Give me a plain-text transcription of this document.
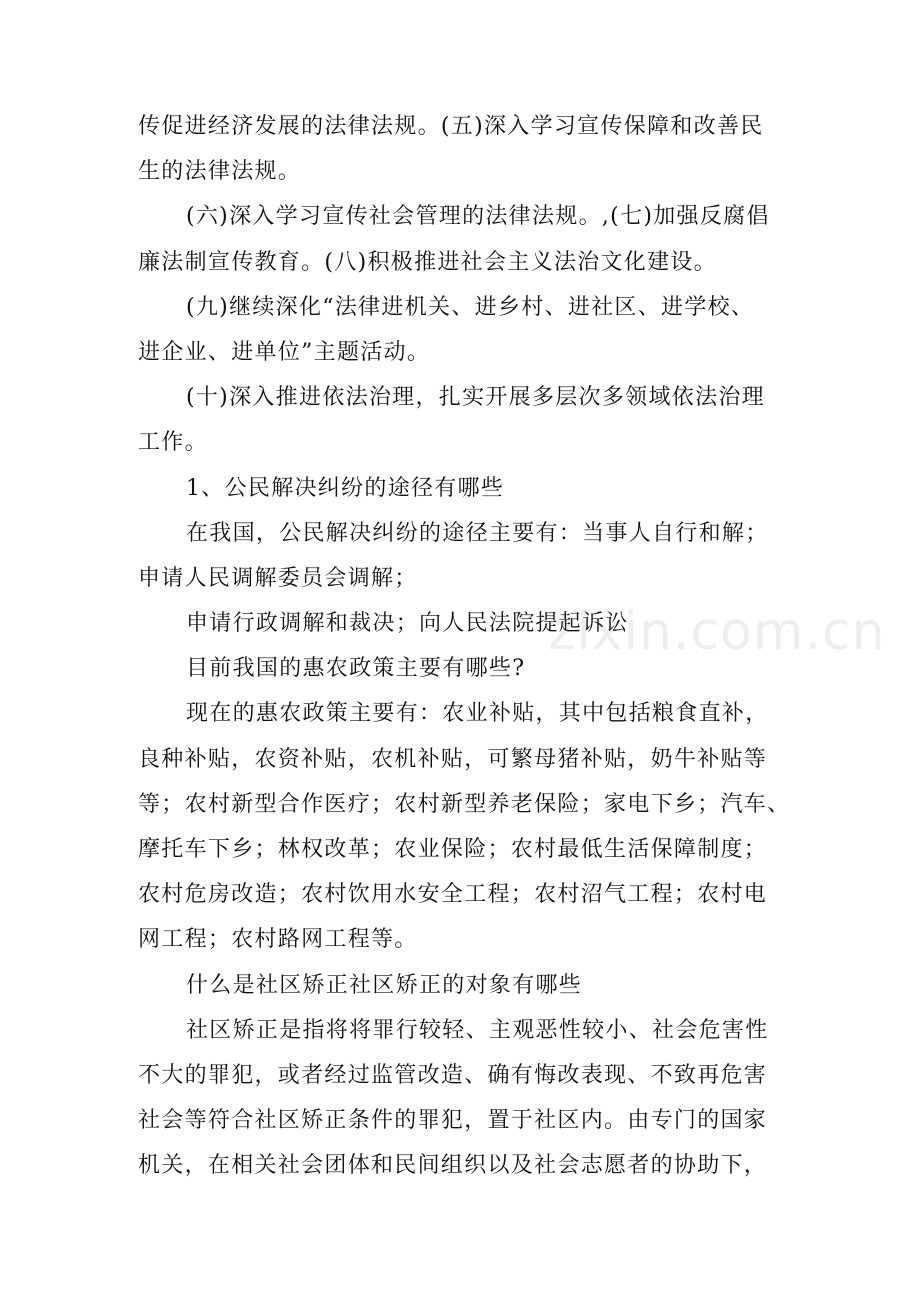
传促进经济发展的法律法规。(五)深入学习宣传保障和改善民
生的法律法规。
(六)深入学习宣传社会管理的法律法规。,(七)加强反腐倡
廉法制宣传教育。(八)积极推进社会主义法治文化建设。
(九)继续深化“法律进机关、进乡村、进社区、进学校、
进企业、进单位”主题活动。
(十)深入推进依法治理，扎实开展多层次多领域依法治理
工作。
1、公民解决纠纷的途径有哪些
在我国，公民解决纠纷的途径主要有：当事人自行和解；
申请人民调解委员会调解；
申请行政调解和裁决；向人民法院提起诉讼
目前我国的惠农政策主要有哪些?
现在的惠农政策主要有：农业补贴，其中包括粮食直补，
良种补贴，农资补贴，农机补贴，可繁母猪补贴，奶牛补贴等
等；农村新型合作医疗；农村新型养老保险；家电下乡；汽车、
摩托车下乡；林权改革；农业保险；农村最低生活保障制度；
农村危房改造；农村饮用水安全工程；农村沼气工程；农村电
网工程；农村路网工程等。
什么是社区矫正社区矫正的对象有哪些
社区矫正是指将将罪行较轻、主观恶性较小、社会危害性
不大的罪犯，或者经过监管改造、确有悔改表现、不致再危害
社会等符合社区矫正条件的罪犯，置于社区内。由专门的国家
机关，在相关社会团体和民间组织以及社会志愿者的协助下，
zixin.com.cn
